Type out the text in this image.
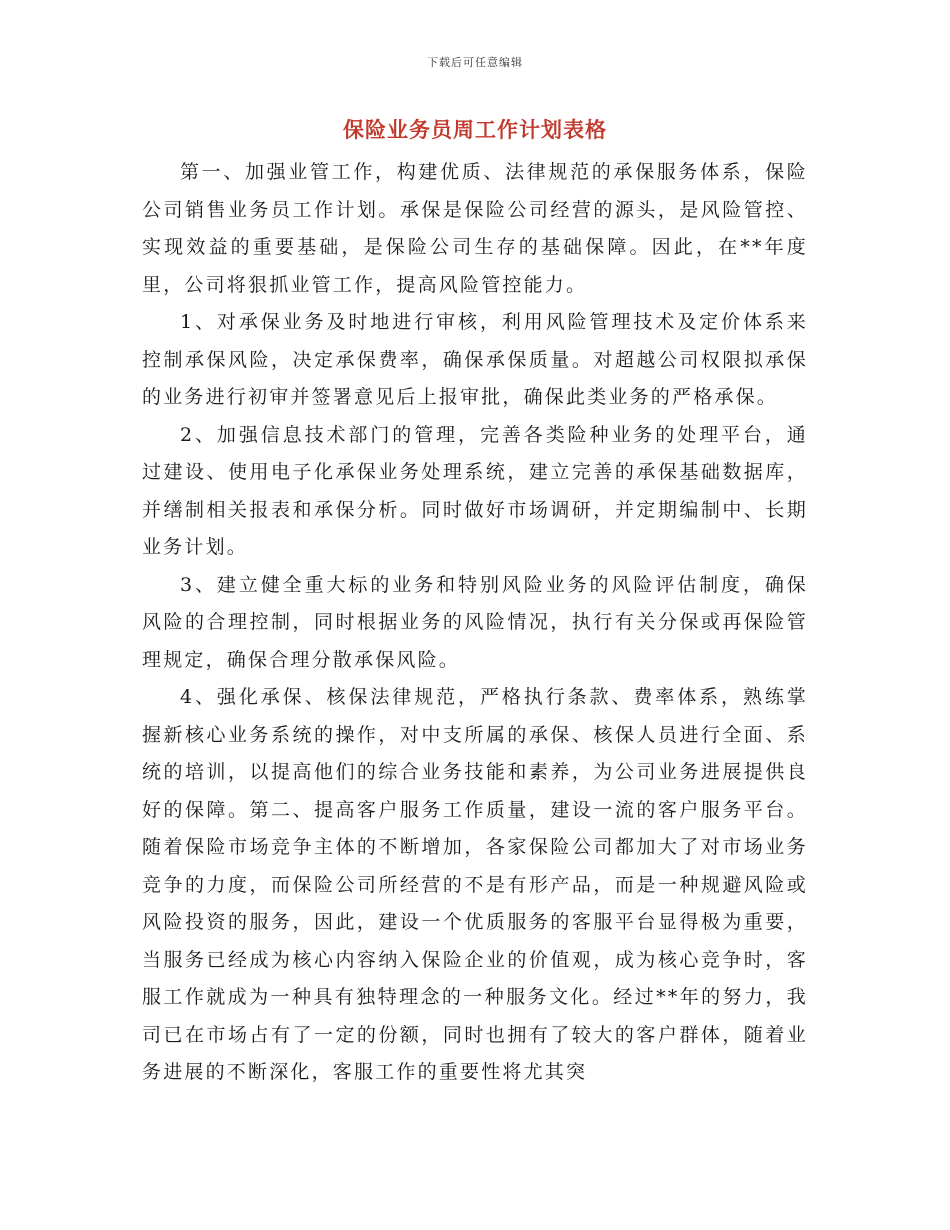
下载后可任意编辑
保险业务员周工作计划表格

第一、加强业管工作，构建优质、法律规范的承保服务体系，保险公司销售业务员工作计划。承保是保险公司经营的源头，是风险管控、实现效益的重要基础，是保险公司生存的基础保障。因此，在**年度里，公司将狠抓业管工作，提高风险管控能力。

1、对承保业务及时地进行审核，利用风险管理技术及定价体系来控制承保风险，决定承保费率，确保承保质量。对超越公司权限拟承保的业务进行初审并签署意见后上报审批，确保此类业务的严格承保。

2、加强信息技术部门的管理，完善各类险种业务的处理平台，通过建设、使用电子化承保业务处理系统，建立完善的承保基础数据库，并缮制相关报表和承保分析。同时做好市场调研，并定期编制中、长期业务计划。

3、建立健全重大标的业务和特别风险业务的风险评估制度，确保风险的合理控制，同时根据业务的风险情况，执行有关分保或再保险管理规定，确保合理分散承保风险。

4、强化承保、核保法律规范，严格执行条款、费率体系，熟练掌握新核心业务系统的操作，对中支所属的承保、核保人员进行全面、系统的培训，以提高他们的综合业务技能和素养，为公司业务进展提供良好的保障。第二、提高客户服务工作质量，建设一流的客户服务平台。随着保险市场竞争主体的不断增加，各家保险公司都加大了对市场业务竞争的力度，而保险公司所经营的不是有形产品，而是一种规避风险或风险投资的服务，因此，建设一个优质服务的客服平台显得极为重要，当服务已经成为核心内容纳入保险企业的价值观，成为核心竞争时，客服工作就成为一种具有独特理念的一种服务文化。经过**年的努力，我司已在市场占有了一定的份额，同时也拥有了较大的客户群体，随着业务进展的不断深化，客服工作的重要性将尤其突
